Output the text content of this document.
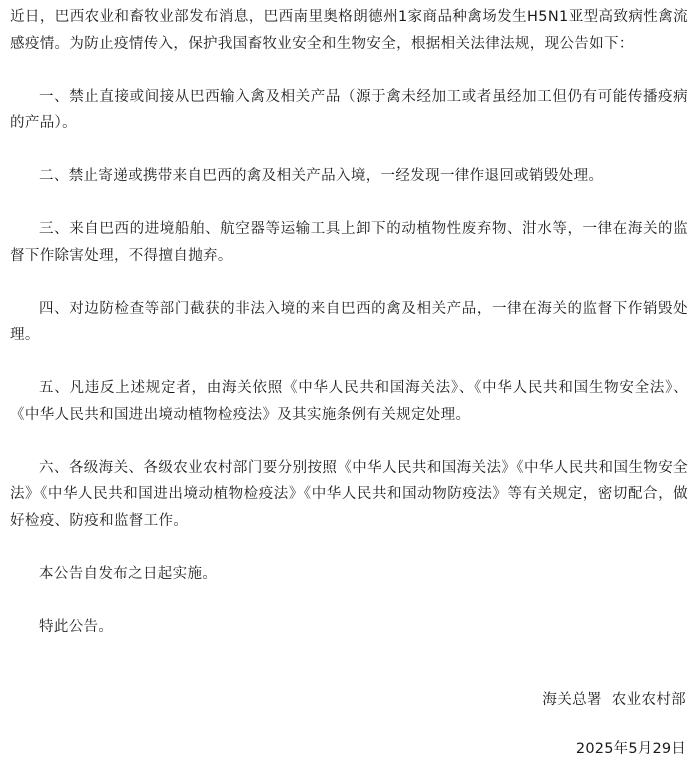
近日，巴西农业和畜牧业部发布消息，巴西南里奥格朗德州1家商品种禽场发生H5N1亚型高致病性禽流感疫情。为防止疫情传入，保护我国畜牧业安全和生物安全，根据相关法律法规，现公告如下：

一、禁止直接或间接从巴西输入禽及相关产品（源于禽未经加工或者虽经加工但仍有可能传播疫病的产品）。

二、禁止寄递或携带来自巴西的禽及相关产品入境，一经发现一律作退回或销毁处理。

三、来自巴西的进境船舶、航空器等运输工具上卸下的动植物性废弃物、泔水等，一律在海关的监督下作除害处理，不得擅自抛弃。

四、对边防检查等部门截获的非法入境的来自巴西的禽及相关产品，一律在海关的监督下作销毁处理。

五、凡违反上述规定者，由海关依照《中华人民共和国海关法》、《中华人民共和国生物安全法》、《中华人民共和国进出境动植物检疫法》及其实施条例有关规定处理。

六、各级海关、各级农业农村部门要分别按照《中华人民共和国海关法》《中华人民共和国生物安全法》《中华人民共和国进出境动植物检疫法》《中华人民共和国动物防疫法》等有关规定，密切配合，做好检疫、防疫和监督工作。

本公告自发布之日起实施。

特此公告。

海关总署  农业农村部
2025年5月29日
